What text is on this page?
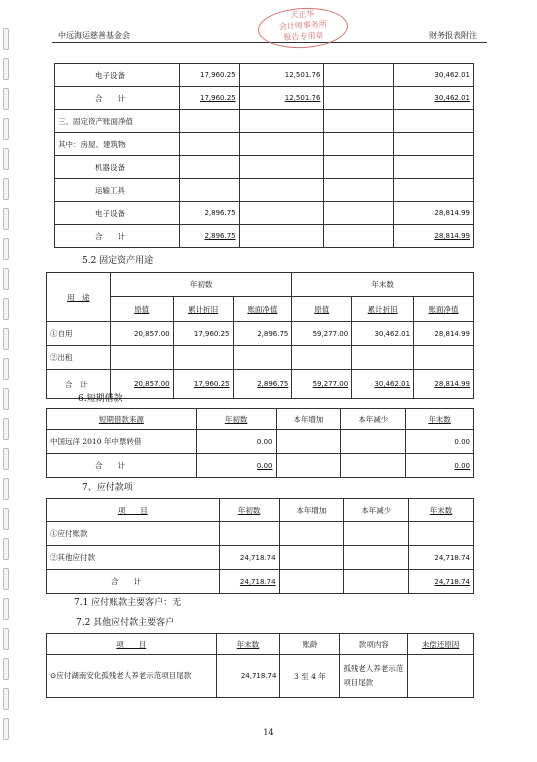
中远海运慈善基金会	财务报表附注
天正华
会计师事务所
报告专用章
电子设备	17,960.25	12,501.76		30,462.01
合　　计	17,960.25	12,501.76		30,462.01
三、固定资产账面净值				
其中：房屋、建筑物				
机器设备				
运输工具				
电子设备	2,896.75			28,814.99
合　　计	2,896.75			28,814.99
5.2 固定资产用途
用　途	年初数			年末数		
	原值	累计折旧	账面净值	原值	累计折旧	账面净值
①自用	20,857.00	17,960.25	2,896.75	59,277.00	30,462.01	28,814.99
②出租						
合　计	20,857.00	17,960.25	2,896.75	59,277.00	30,462.01	28,814.99
6.短期借款
短期借款来源	年初数	本年增加	本年减少	年末数
中国远洋 2010 年中票转借	0.00			0.00
合　　计	0.00			0.00
7、应付款项
项　　目	年初数	本年增加	本年减少	年末数
①应付账款				
②其他应付款	24,718.74			24,718.74
合　　计	24,718.74			24,718.74
7.1 应付账款主要客户：无
7.2 其他应付款主要客户
项　　目	年末数	账龄	款项内容	未偿还原因
⊙应付湖南安化孤残老人养老示范项目尾款	24,718.74	3 至 4 年	孤残老人养老示范项目尾款	
14
